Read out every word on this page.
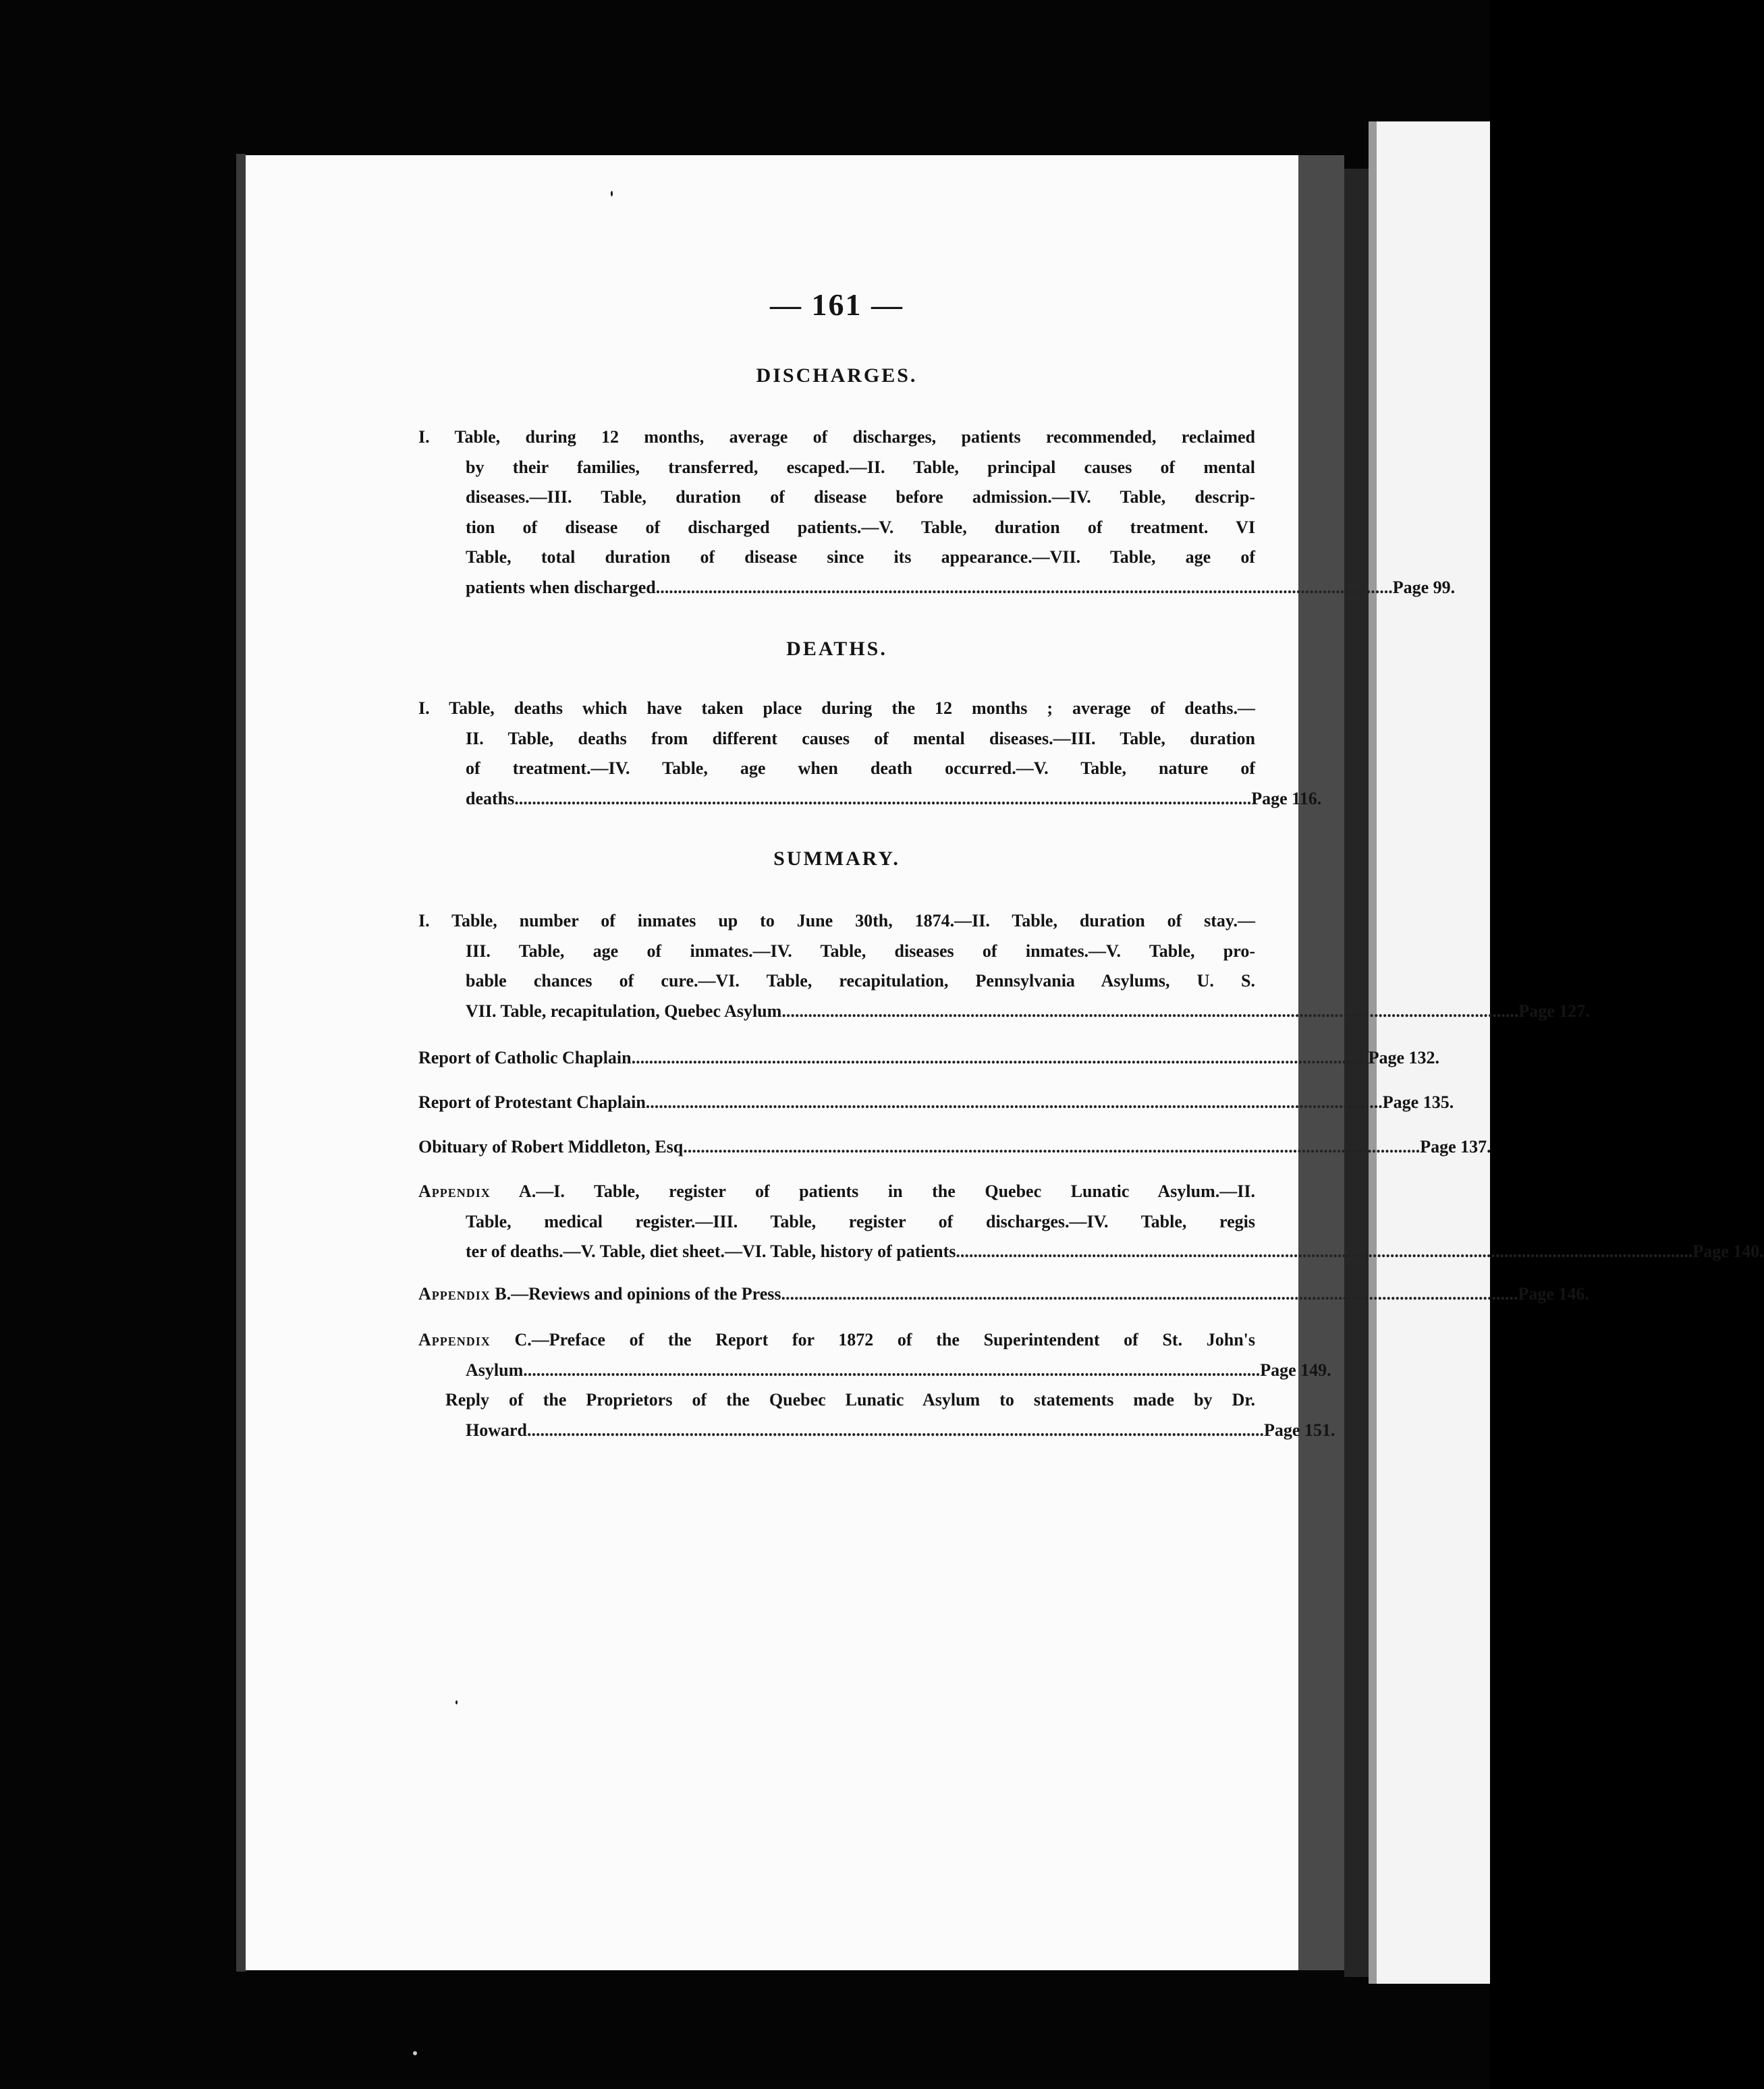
— 161 —
DISCHARGES.
I. Table, during 12 months, average of discharges, patients recommended, reclaimed
by their families, transferred, escaped.—II. Table, principal causes of mental
diseases.—III. Table, duration of disease before admission.—IV. Table, descrip-
tion of disease of discharged patients.—V. Table, duration of treatment. VI
Table, total duration of disease since its appearance.—VII. Table, age of
patients when discharged ........................................................................................................................................................................ Page 99.
DEATHS.
I. Table, deaths which have taken place during the 12 months ; average of deaths.—
II. Table, deaths from different causes of mental diseases.—III. Table, duration
of treatment.—IV. Table, age when death occurred.—V. Table, nature of
deaths ........................................................................................................................................................................ Page 116.
SUMMARY.
I. Table, number of inmates up to June 30th, 1874.—II. Table, duration of stay.—
III. Table, age of inmates.—IV. Table, diseases of inmates.—V. Table, pro-
bable chances of cure.—VI. Table, recapitulation, Pennsylvania Asylums, U. S.
VII. Table, recapitulation, Quebec Asylum ........................................................................................................................................................................ Page 127.
Report of Catholic Chaplain ........................................................................................................................................................................ Page 132.
Report of Protestant Chaplain ........................................................................................................................................................................ Page 135.
Obituary of Robert Middleton, Esq ........................................................................................................................................................................ Page 137.
Appendix A.—I. Table, register of patients in the Quebec Lunatic Asylum.—II.
Table, medical register.—III. Table, register of discharges.—IV. Table, regis
ter of deaths.—V. Table, diet sheet.—VI. Table, history of patients ........................................................................................................................................................................ Page 140.
Appendix B.—Reviews and opinions of the Press ........................................................................................................................................................................ Page 146.
Appendix C.—Preface of the Report for 1872 of the Superintendent of St. John's
Asylum ........................................................................................................................................................................ Page 149.
Reply of the Proprietors of the Quebec Lunatic Asylum to statements made by Dr.
Howard ........................................................................................................................................................................ Page 151.
